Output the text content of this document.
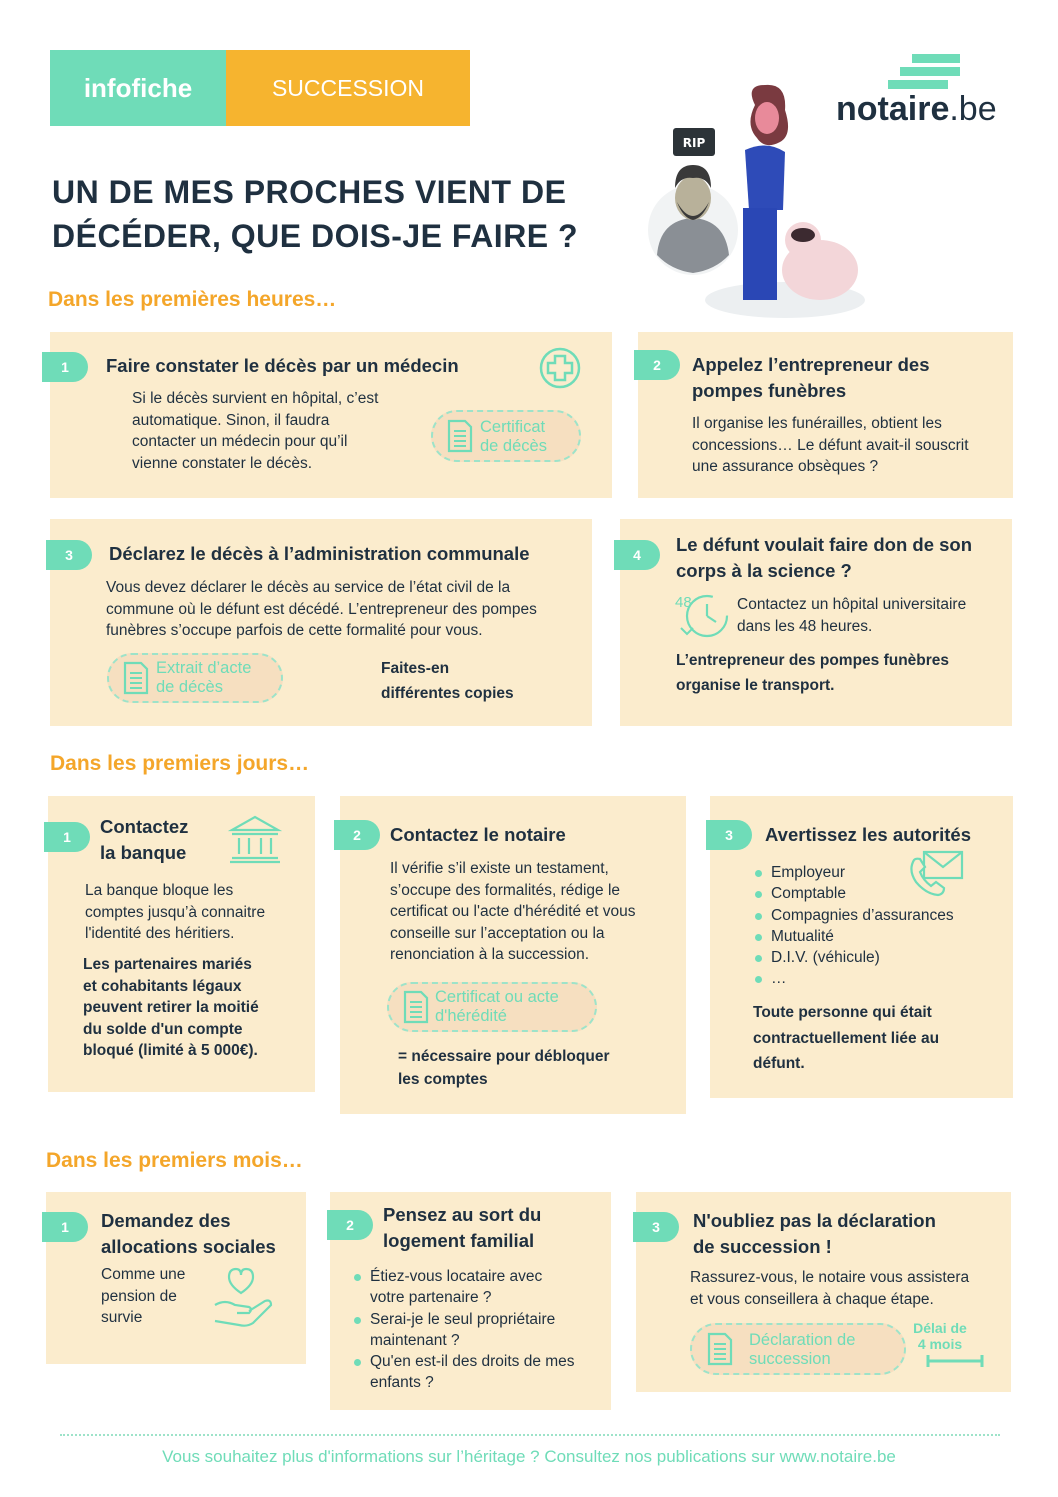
infofiche	SUCCESSION
notaire.be
UN DE MES PROCHES VIENT DE
DÉCÉDER, QUE DOIS-JE FAIRE ?
RIP
Dans les premières heures…
1	Faire constater le décès par un médecin
Si le décès survient en hôpital, c’est
automatique. Sinon, il faudra
contacter un médecin pour qu’il
vienne constater le décès.
Certificat
de décès
2	Appelez l’entrepreneur des
pompes funèbres
Il organise les funérailles, obtient les
concessions… Le défunt avait-il souscrit
une assurance obsèques ?
3	Déclarez le décès à l’administration communale
Vous devez déclarer le décès au service de l’état civil de la
commune où le défunt est décédé. L’entrepreneur des pompes
funèbres s’occupe parfois de cette formalité pour vous.
Extrait d’acte
de décès
Faites-en
différentes copies
4	Le défunt voulait faire don de son
corps à la science ?
48	Contactez un hôpital universitaire
dans les 48 heures.
L’entrepreneur des pompes funèbres
organise le transport.
Dans les premiers jours…
1	Contactez
la banque
La banque bloque les
comptes jusqu’à connaitre
l'identité des héritiers.
Les partenaires mariés
et cohabitants légaux
peuvent retirer la moitié
du solde d'un compte
bloqué (limité à 5 000€).
2	Contactez le notaire
Il vérifie s’il existe un testament,
s’occupe des formalités, rédige le
certificat ou l'acte d'hérédité et vous
conseille sur l’acceptation ou la
renonciation à la succession.
Certificat ou acte
d'hérédité
= nécessaire pour débloquer
les comptes
3	Avertissez les autorités
Employeur
Comptable
Compagnies d’assurances
Mutualité
D.I.V. (véhicule)
…
Toute personne qui était
contractuellement liée au
défunt.
Dans les premiers mois…
1	Demandez des
allocations sociales
Comme une
pension de
survie
2	Pensez au sort du
logement familial
Étiez-vous locataire avec
votre partenaire ?
Serai-je le seul propriétaire
maintenant ?
Qu'en est-il des droits de mes
enfants ?
3	N'oubliez pas la déclaration
de succession !
Rassurez-vous, le notaire vous assistera
et vous conseillera à chaque étape.
Déclaration de
succession
Délai de
4 mois
Vous souhaitez plus d'informations sur l’héritage ? Consultez nos publications sur www.notaire.be
